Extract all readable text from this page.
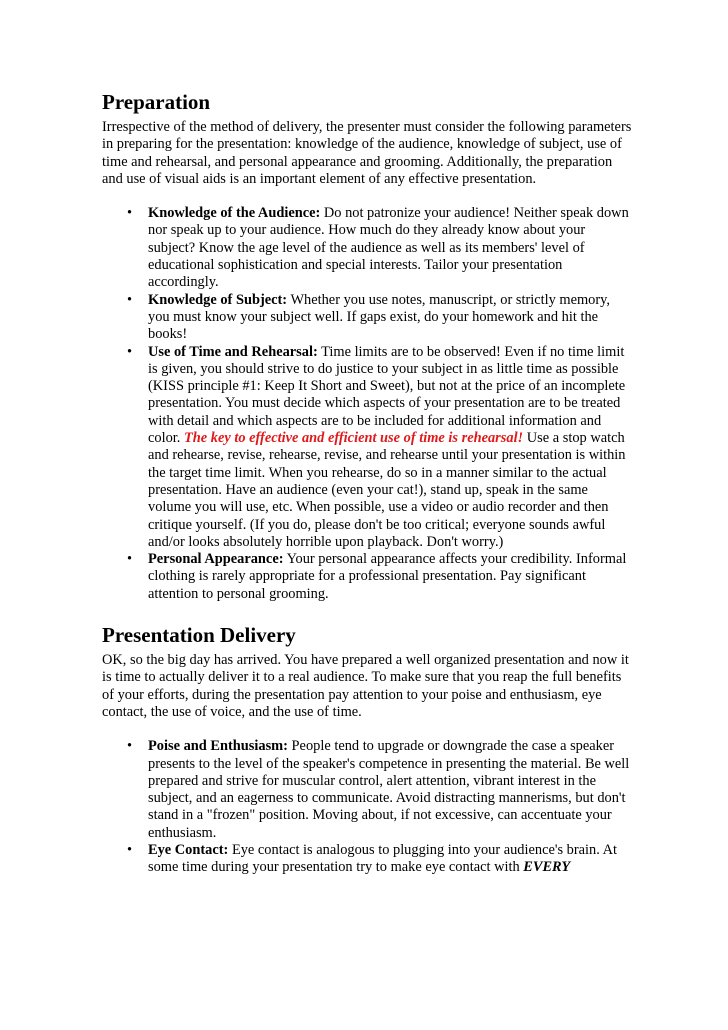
Preparation

Irrespective of the method of delivery, the presenter must consider the following parameters in preparing for the presentation: knowledge of the audience, knowledge of subject, use of time and rehearsal, and personal appearance and grooming. Additionally, the preparation and use of visual aids is an important element of any effective presentation.

• Knowledge of the Audience: Do not patronize your audience! Neither speak down nor speak up to your audience. How much do they already know about your subject? Know the age level of the audience as well as its members' level of educational sophistication and special interests. Tailor your presentation accordingly.
• Knowledge of Subject: Whether you use notes, manuscript, or strictly memory, you must know your subject well. If gaps exist, do your homework and hit the books!
• Use of Time and Rehearsal: Time limits are to be observed! Even if no time limit is given, you should strive to do justice to your subject in as little time as possible (KISS principle #1: Keep It Short and Sweet), but not at the price of an incomplete presentation. You must decide which aspects of your presentation are to be treated with detail and which aspects are to be included for additional information and color. The key to effective and efficient use of time is rehearsal! Use a stop watch and rehearse, revise, rehearse, revise, and rehearse until your presentation is within the target time limit. When you rehearse, do so in a manner similar to the actual presentation. Have an audience (even your cat!), stand up, speak in the same volume you will use, etc. When possible, use a video or audio recorder and then critique yourself. (If you do, please don't be too critical; everyone sounds awful and/or looks absolutely horrible upon playback. Don't worry.)
• Personal Appearance: Your personal appearance affects your credibility. Informal clothing is rarely appropriate for a professional presentation. Pay significant attention to personal grooming.
Presentation Delivery

OK, so the big day has arrived. You have prepared a well organized presentation and now it is time to actually deliver it to a real audience. To make sure that you reap the full benefits of your efforts, during the presentation pay attention to your poise and enthusiasm, eye contact, the use of voice, and the use of time.

• Poise and Enthusiasm: People tend to upgrade or downgrade the case a speaker presents to the level of the speaker's competence in presenting the material. Be well prepared and strive for muscular control, alert attention, vibrant interest in the subject, and an eagerness to communicate. Avoid distracting mannerisms, but don't stand in a "frozen" position. Moving about, if not excessive, can accentuate your enthusiasm.
• Eye Contact: Eye contact is analogous to plugging into your audience's brain. At some time during your presentation try to make eye contact with EVERY
